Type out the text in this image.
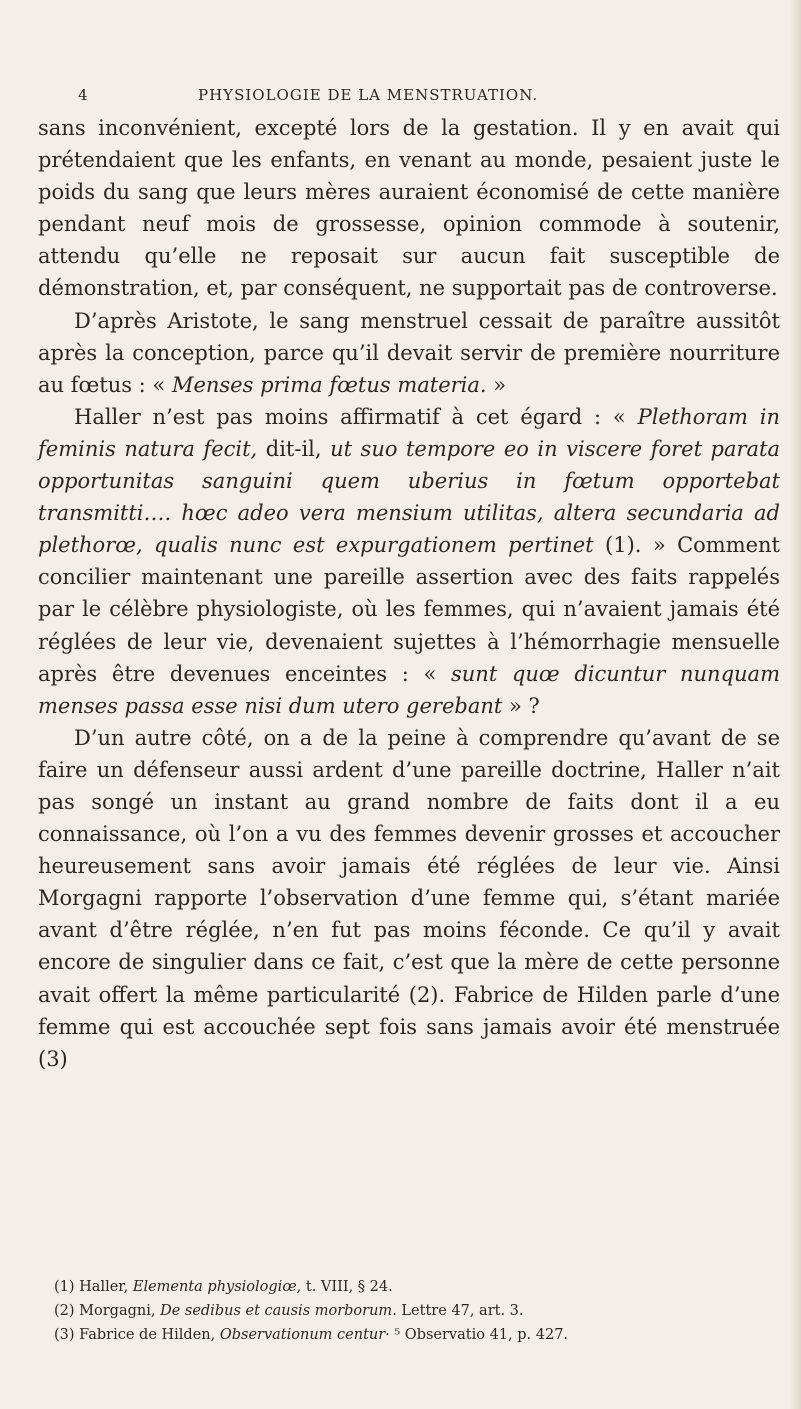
4	PHYSIOLOGIE DE LA MENSTRUATION.

sans inconvénient, excepté lors de la gestation. Il y en avait qui prétendaient que les enfants, en venant au monde, pesaient juste le poids du sang que leurs mères auraient économisé de cette manière pendant neuf mois de grossesse, opinion commode à soutenir, attendu qu’elle ne reposait sur aucun fait susceptible de démonstration, et, par conséquent, ne supportait pas de controverse.

D’après Aristote, le sang menstruel cessait de paraître aussitôt après la conception, parce qu’il devait servir de première nourriture au fœtus : « Menses prima fœtus materia. »

Haller n’est pas moins affirmatif à cet égard : « Plethoram in feminis natura fecit, dit-il, ut suo tempore eo in viscere foret parata opportunitas sanguini quem uberius in fœtum opportebat transmitti…. hœc adeo vera mensium utilitas, altera secundaria ad plethorœ, qualis nunc est expurgationem pertinet (1). » Comment concilier maintenant une pareille assertion avec des faits rappelés par le célèbre physiologiste, où les femmes, qui n’avaient jamais été réglées de leur vie, devenaient sujettes à l’hémorrhagie mensuelle après être devenues enceintes : « sunt quœ dicuntur nunquam menses passa esse nisi dum utero gerebant » ?

D’un autre côté, on a de la peine à comprendre qu’avant de se faire un défenseur aussi ardent d’une pareille doctrine, Haller n’ait pas songé un instant au grand nombre de faits dont il a eu connaissance, où l’on a vu des femmes devenir grosses et accoucher heureusement sans avoir jamais été réglées de leur vie. Ainsi Morgagni rapporte l’observation d’une femme qui, s’étant mariée avant d’être réglée, n’en fut pas moins féconde. Ce qu’il y avait encore de singulier dans ce fait, c’est que la mère de cette personne avait offert la même particularité (2). Fabrice de Hilden parle d’une femme qui est accouchée sept fois sans jamais avoir été menstruée (3)

(1) Haller, Elementa physiologiœ, t. VIII, § 24.

(2) Morgagni, De sedibus et causis morborum. Lettre 47, art. 3.

(3) Fabrice de Hilden, Observationum centur· ⁵ Observatio 41, p. 427.
